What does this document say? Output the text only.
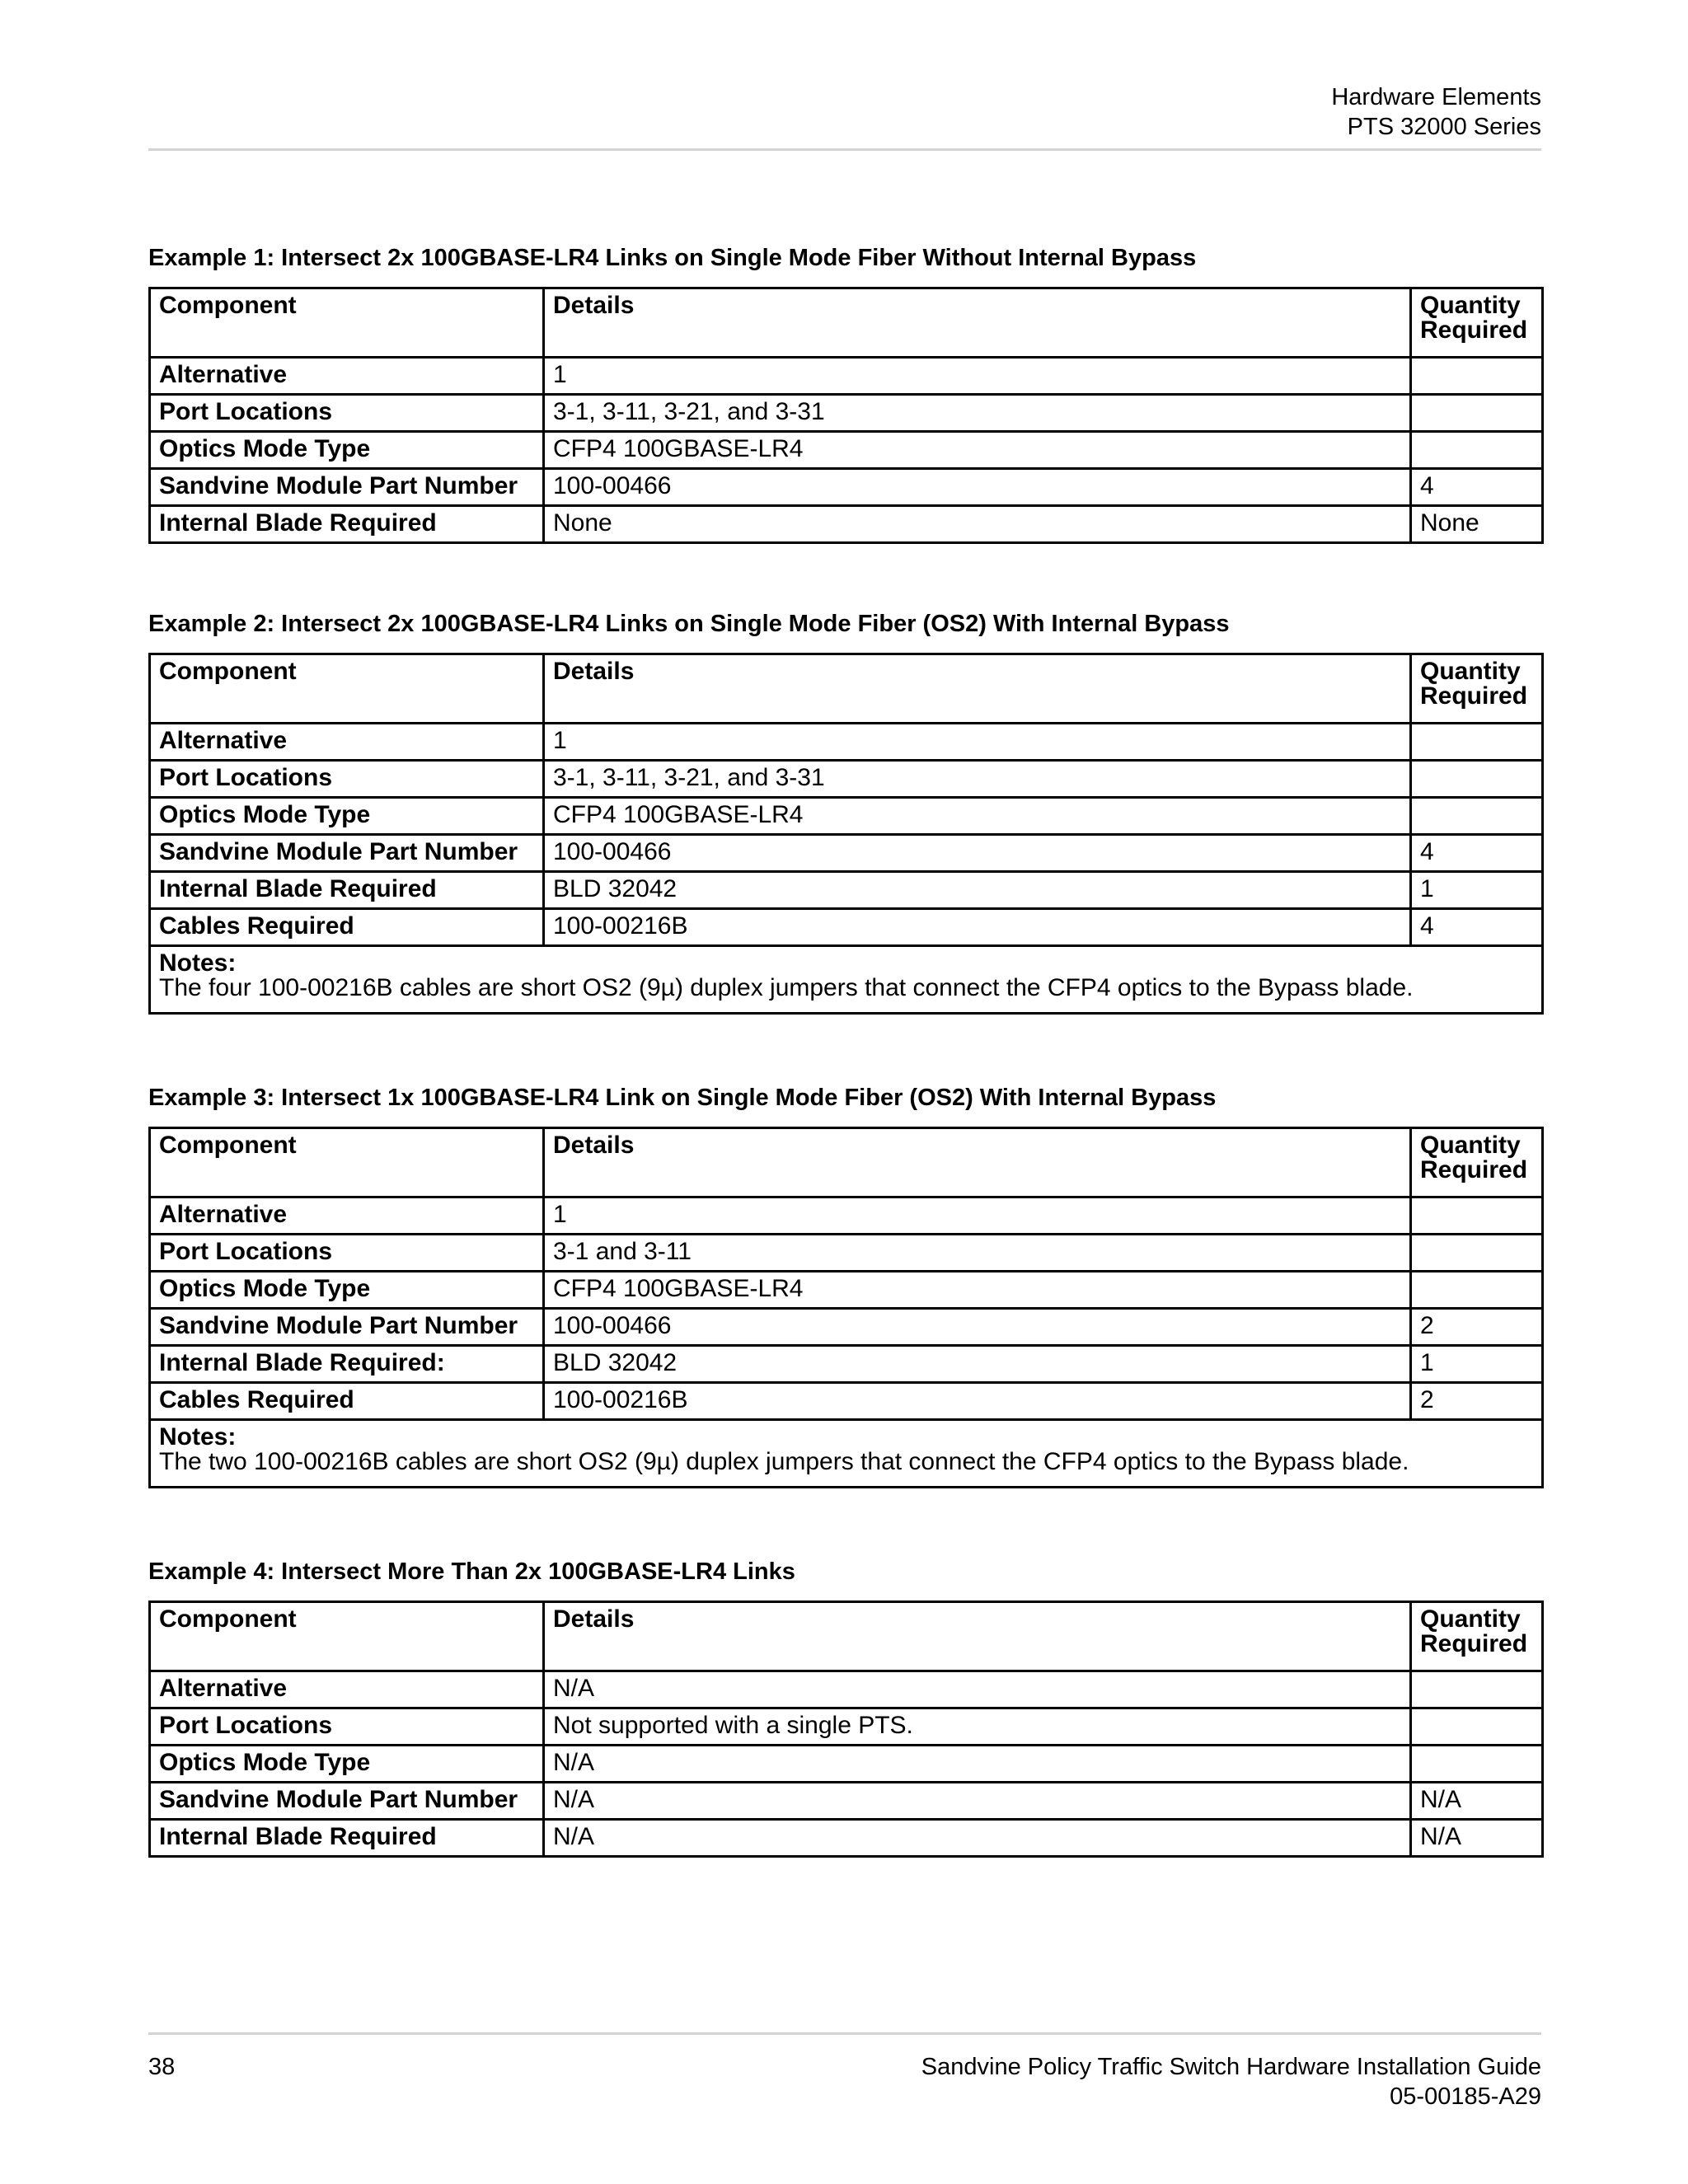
Hardware Elements
PTS 32000 Series
Example 1: Intersect 2x 100GBASE-LR4 Links on Single Mode Fiber Without Internal Bypass
Component	Details	Quantity Required
Alternative	1	
Port Locations	3-1, 3-11, 3-21, and 3-31	
Optics Mode Type	CFP4 100GBASE-LR4	
Sandvine Module Part Number	100-00466	4
Internal Blade Required	None	None
Example 2: Intersect 2x 100GBASE-LR4 Links on Single Mode Fiber (OS2) With Internal Bypass
Component	Details	Quantity Required
Alternative	1	
Port Locations	3-1, 3-11, 3-21, and 3-31	
Optics Mode Type	CFP4 100GBASE-LR4	
Sandvine Module Part Number	100-00466	4
Internal Blade Required	BLD 32042	1
Cables Required	100-00216B	4

Notes:
The four 100-00216B cables are short OS2 (9µ) duplex jumpers that connect the CFP4 optics to the Bypass blade.		
Example 3: Intersect 1x 100GBASE-LR4 Link on Single Mode Fiber (OS2) With Internal Bypass
Component	Details	Quantity Required
Alternative	1	
Port Locations	3-1 and 3-11	
Optics Mode Type	CFP4 100GBASE-LR4	
Sandvine Module Part Number	100-00466	2
Internal Blade Required:	BLD 32042	1
Cables Required	100-00216B	2

Notes:
The two 100-00216B cables are short OS2 (9µ) duplex jumpers that connect the CFP4 optics to the Bypass blade.		
Example 4: Intersect More Than 2x 100GBASE-LR4 Links
Component	Details	Quantity Required
Alternative	N/A	
Port Locations	Not supported with a single PTS.	
Optics Mode Type	N/A	
Sandvine Module Part Number	N/A	N/A
Internal Blade Required	N/A	N/A
38	Sandvine Policy Traffic Switch Hardware Installation Guide
05-00185-A29
